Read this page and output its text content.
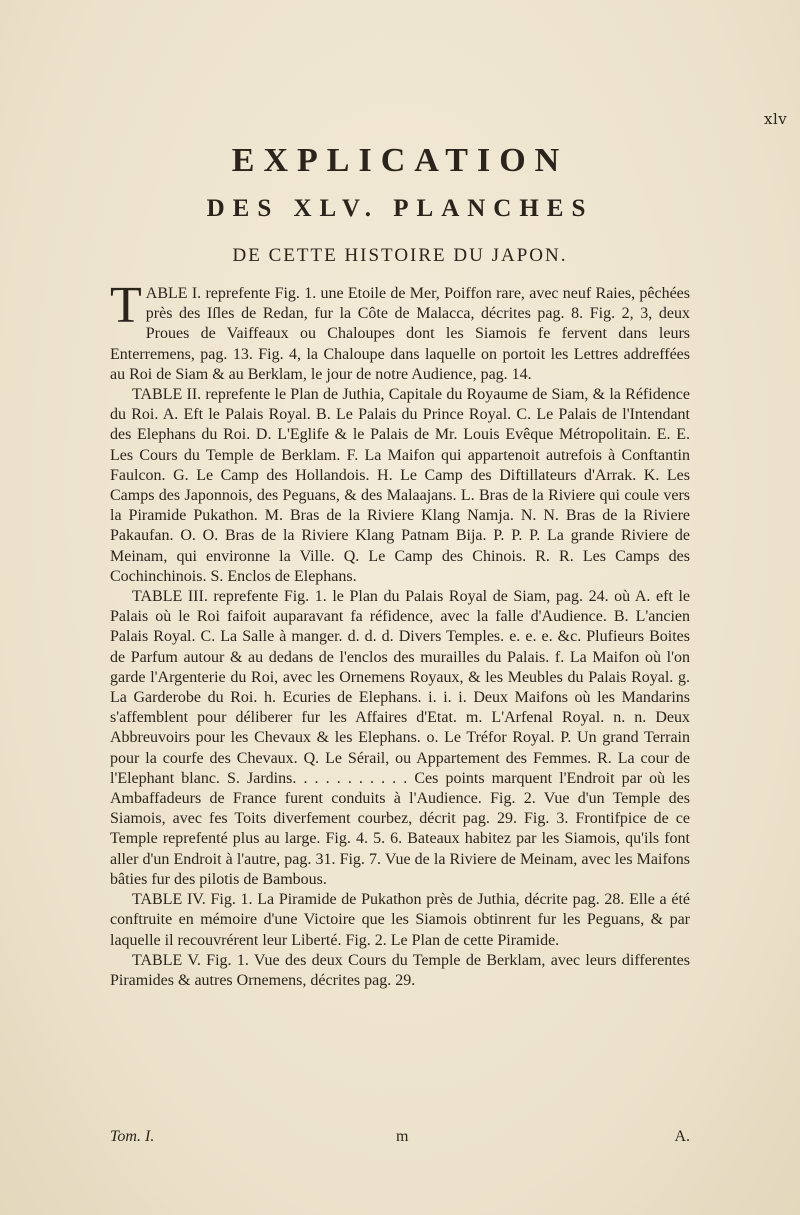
xlv
EXPLICATION
DES XLV. PLANCHES
DE CETTE HISTOIRE DU JAPON.

TABLE I. reprefente Fig. 1. une Etoile de Mer, Poiffon rare, avec neuf Raies, pêchées près des Iſles de Redan, fur la Côte de Malacca, décrites pag. 8. Fig. 2, 3, deux Proues de Vaiffeaux ou Chaloupes dont les Siamois fe fervent dans leurs Enterremens, pag. 13. Fig. 4, la Chaloupe dans laquelle on portoit les Lettres addreffées au Roi de Siam & au Berklam, le jour de notre Audience, pag. 14.

TABLE II. reprefente le Plan de Juthia, Capitale du Royaume de Siam, & la Réfidence du Roi. A. Eft le Palais Royal. B. Le Palais du Prince Royal. C. Le Palais de l'Intendant des Elephans du Roi. D. L'Eglife & le Palais de Mr. Louis Evêque Métropolitain. E. E. Les Cours du Temple de Berklam. F. La Maifon qui appartenoit autrefois à Conftantin Faulcon. G. Le Camp des Hollandois. H. Le Camp des Diftillateurs d'Arrak. K. Les Camps des Japonnois, des Peguans, & des Malaajans. L. Bras de la Riviere qui coule vers la Piramide Pukathon. M. Bras de la Riviere Klang Namja. N. N. Bras de la Riviere Pakaufan. O. O. Bras de la Riviere Klang Patnam Bija. P. P. P. La grande Riviere de Meinam, qui environne la Ville. Q. Le Camp des Chinois. R. R. Les Camps des Cochinchinois. S. Enclos de Elephans.

TABLE III. reprefente Fig. 1. le Plan du Palais Royal de Siam, pag. 24. où A. eft le Palais où le Roi faifoit auparavant fa réfidence, avec la falle d'Audience. B. L'ancien Palais Royal. C. La Salle à manger. d. d. d. Divers Temples. e. e. e. &c. Plufieurs Boites de Parfum autour & au dedans de l'enclos des murailles du Palais. f. La Maifon où l'on garde l'Argenterie du Roi, avec les Ornemens Royaux, & les Meubles du Palais Royal. g. La Garderobe du Roi. h. Ecuries de Elephans. i. i. i. Deux Maifons où les Mandarins s'affemblent pour déliberer fur les Affaires d'Etat. m. L'Arfenal Royal. n. n. Deux Abbreuvoirs pour les Chevaux & les Elephans. o. Le Tréfor Royal. P. Un grand Terrain pour la courfe des Chevaux. Q. Le Sérail, ou Appartement des Femmes. R. La cour de l'Elephant blanc. S. Jardins. . . . . . . . . . . Ces points marquent l'Endroit par où les Ambaffadeurs de France furent conduits à l'Audience. Fig. 2. Vue d'un Temple des Siamois, avec fes Toits diverfement courbez, décrit pag. 29. Fig. 3. Frontifpice de ce Temple reprefenté plus au large. Fig. 4. 5. 6. Bateaux habitez par les Siamois, qu'ils font aller d'un Endroit à l'autre, pag. 31. Fig. 7. Vue de la Riviere de Meinam, avec les Maifons bâties fur des pilotis de Bambous.

TABLE IV. Fig. 1. La Piramide de Pukathon près de Juthia, décrite pag. 28. Elle a été conftruite en mémoire d'une Victoire que les Siamois obtinrent fur les Peguans, & par laquelle il recouvrérent leur Liberté. Fig. 2. Le Plan de cette Piramide.

TABLE V. Fig. 1. Vue des deux Cours du Temple de Berklam, avec leurs differentes Piramides & autres Ornemens, décrites pag. 29.

Tom. I.	m	A.
